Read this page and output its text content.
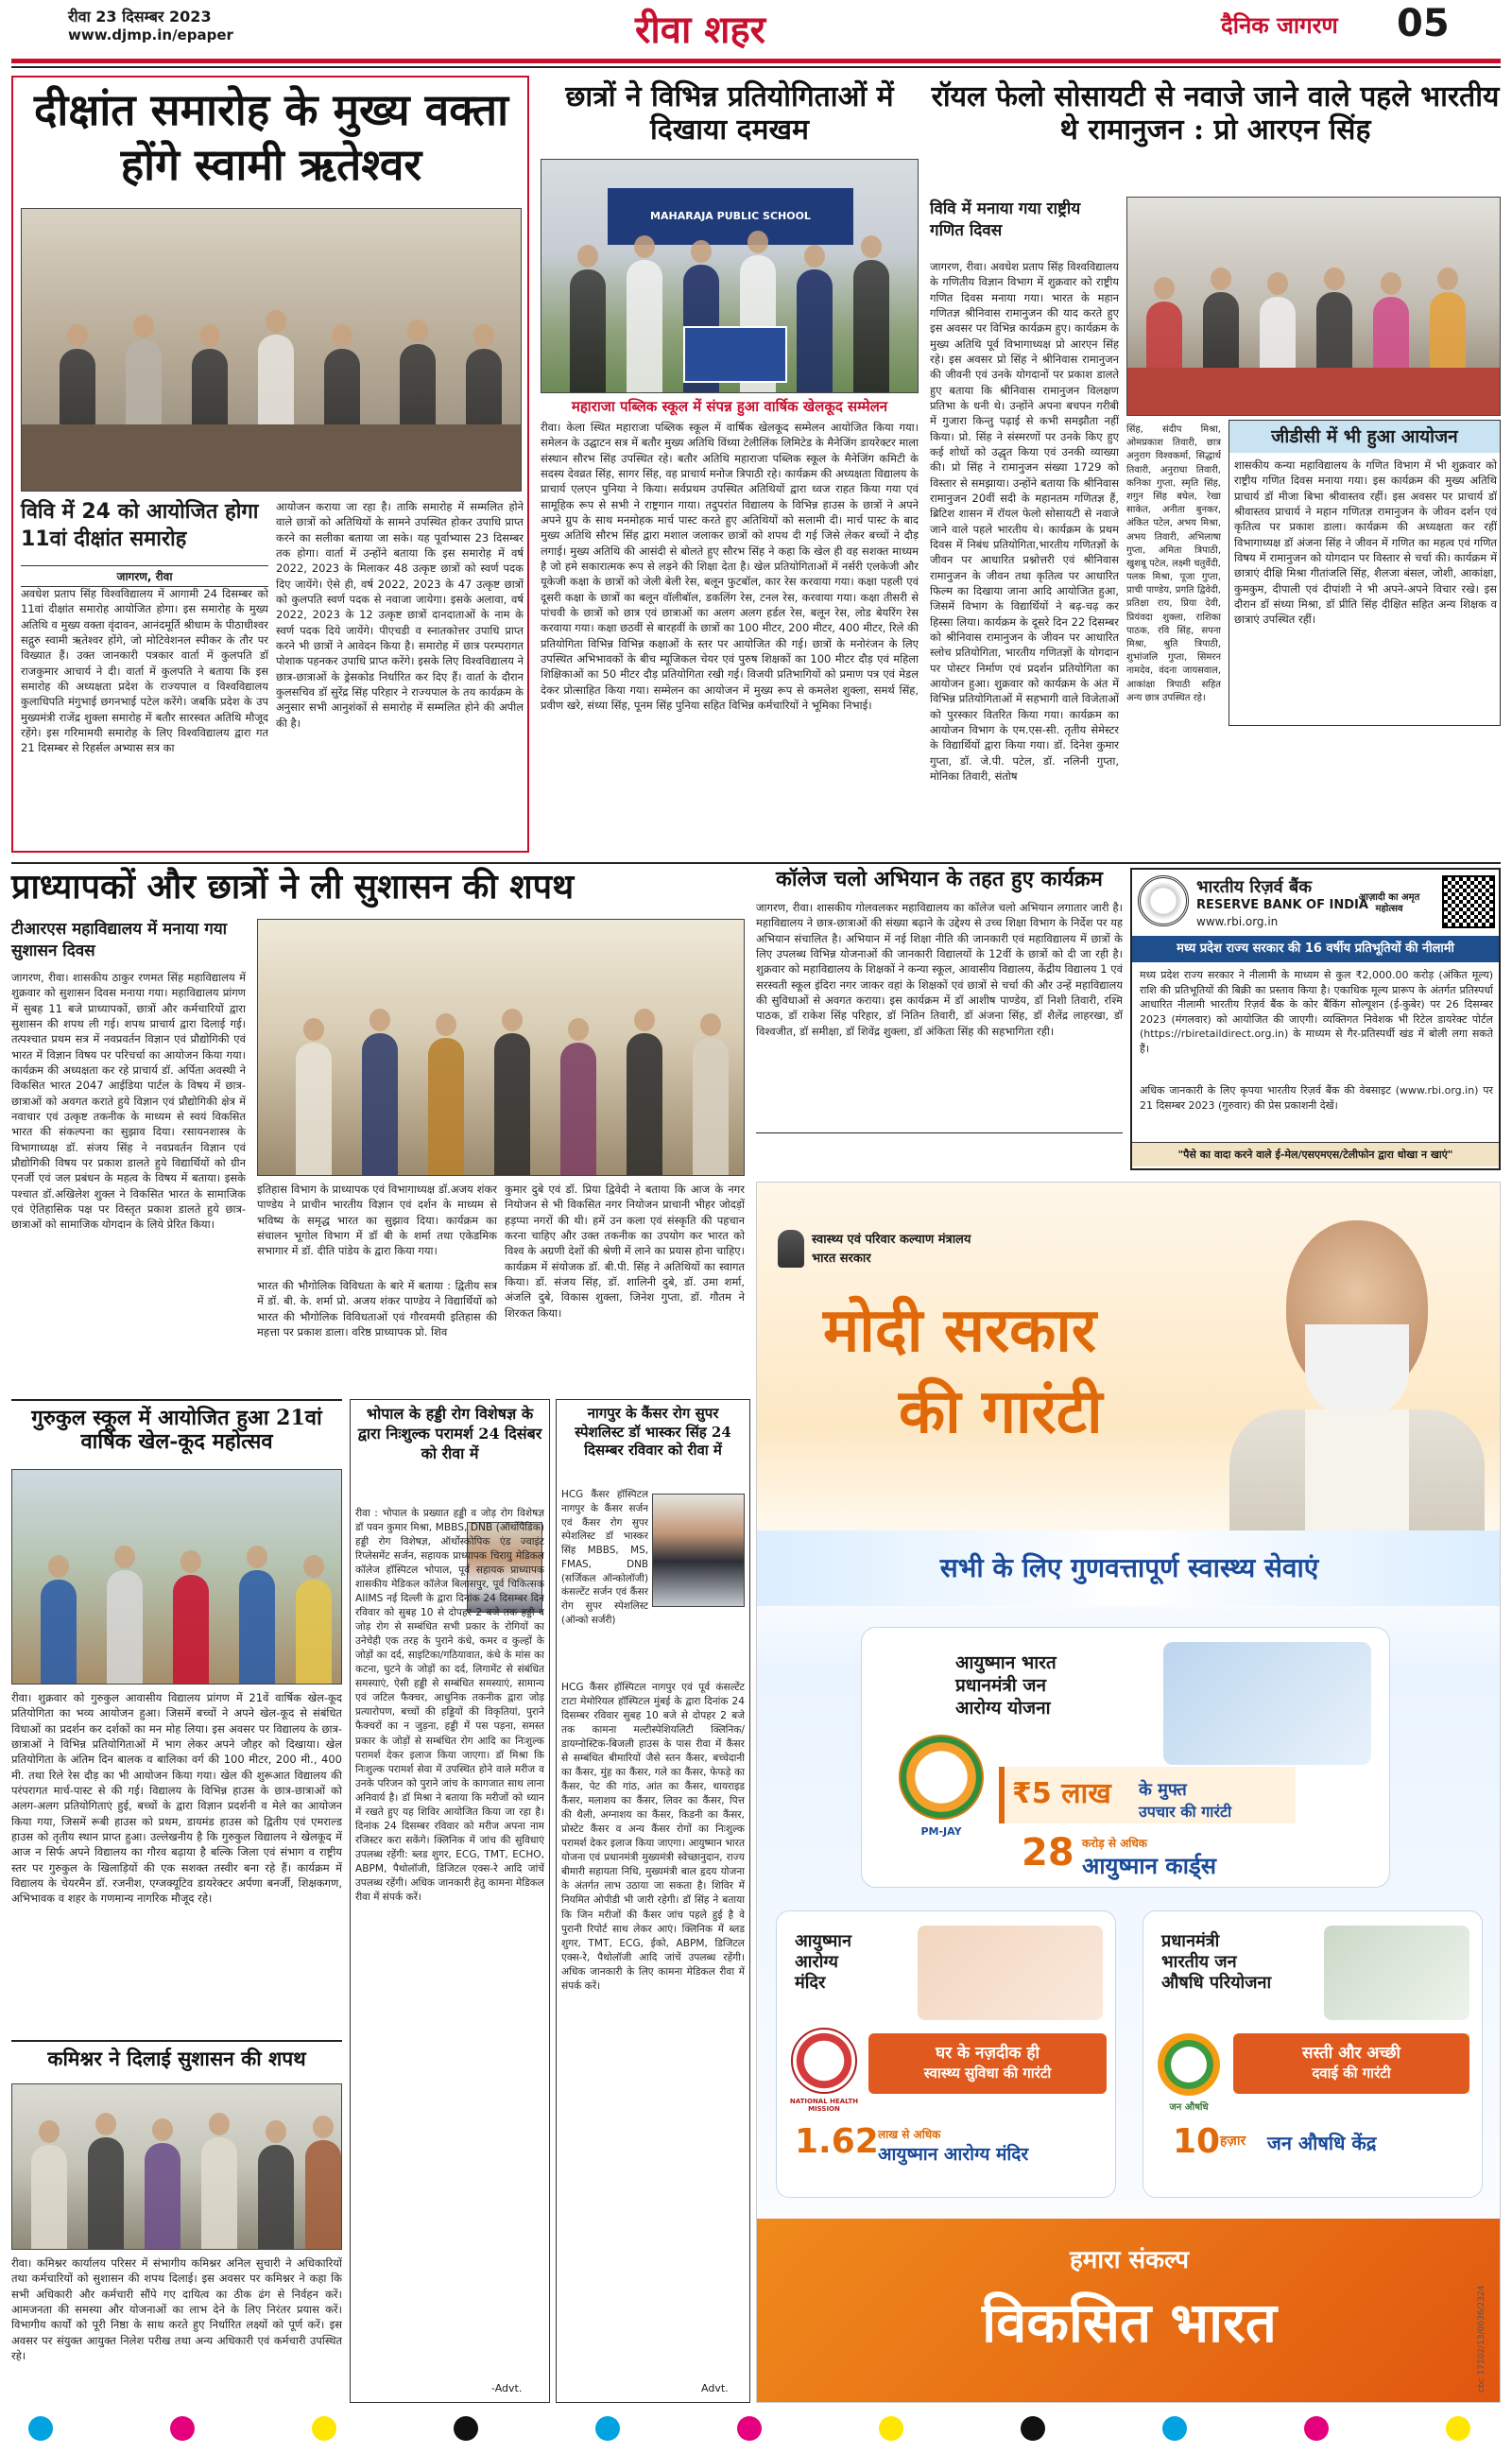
रीवा 23 दिसम्बर 2023
www.djmp.in/epaper	रीवा शहर	दैनिक जागरण 05
दीक्षांत समारोह के मुख्य वक्ता होंगे स्वामी ऋतेश्वर
विवि में 24 को आयोजित होगा 11वां दीक्षांत समारोह
जागरण, रीवा
अवधेश प्रताप सिंह विश्वविद्यालय में आगामी 24 दिसम्बर को 11वां दीक्षांत समारोह आयोजित होगा। इस समारोह के मुख्य अतिथि व मुख्य वक्ता वृंदावन, आनंदमूर्ति श्रीधाम के पीठाधीश्वर सद्गुरु स्वामी ऋतेश्वर होंगे, जो मोटिवेशनल स्पीकर के तौर पर विख्यात हैं। उक्त जानकारी पत्रकार वार्ता में कुलपति डॉ राजकुमार आचार्य ने दी। वार्ता में कुलपति ने बताया कि इस समारोह की अध्यक्षता प्रदेश के राज्यपाल व विश्वविद्यालय कुलाधिपति मंगुभाई छगनभाई पटेल करेंगे। जबकि प्रदेश के उप मुख्यमंत्री राजेंद्र शुक्ला समारोह में बतौर सारस्वत अतिथि मौजूद रहेंगे। इस गरिमामयी समारोह के लिए विश्वविद्यालय द्वारा गत 21 दिसम्बर से रिहर्सल अभ्यास सत्र का
आयोजन कराया जा रहा है। ताकि समारोह में सम्मलित होने वाले छात्रों को अतिथियों के सामने उपस्थित होकर उपाधि प्राप्त करने का सलीका बताया जा सके। यह पूर्वाभ्यास 23 दिसम्बर तक होगा। वार्ता में उन्होंने बताया कि इस समारोह में वर्ष 2022, 2023 के मिलाकर 48 उत्कृष्ट छात्रों को स्वर्ण पदक दिए जायेंगे। ऐसे ही, वर्ष 2022, 2023 के 47 उत्कृष्ट छात्रों को कुलपति स्वर्ण पदक से नवाजा जायेगा। इसके अलावा, वर्ष 2022, 2023 के 12 उत्कृष्ट छात्रों दानदाताओं के नाम के स्वर्ण पदक दिये जायेंगे। पीएचडी व स्नातकोत्तर उपाधि प्राप्त करने भी छात्रों ने आवेदन किया है। समारोह में छात्र परम्परागत पोशाक पहनकर उपाधि प्राप्त करेंगे। इसके लिए विश्वविद्यालय ने छात्र-छात्राओं के ड्रेसकोड निर्धारित कर दिए हैं। वार्ता के दौरान कुलसचिव डॉ सुरेंद्र सिंह परिहार ने राज्यपाल के तय कार्यक्रम के अनुसार सभी आनुशंकों से समारोह में सम्मलित होने की अपील की है।
छात्रों ने विभिन्न प्रतियोगिताओं में दिखाया दमखम
MAHARAJA PUBLIC SCHOOL
महाराजा पब्लिक स्कूल में संपन्न हुआ वार्षिक खेलकूद सम्मेलन
रीवा। केला स्थित महाराजा पब्लिक स्कूल में वार्षिक खेलकूद सम्मेलन आयोजित किया गया। समेलन के उद्घाटन सत्र में बतौर मुख्य अतिथि विंध्या टेलीलिंक लिमिटेड के मैनेजिंग डायरेक्टर माला संस्थान सौरभ सिंह उपस्थित रहे। बतौर अतिथि महाराजा पब्लिक स्कूल के मैनेजिंग कमिटी के सदस्य देवव्रत सिंह, सागर सिंह, वह प्राचार्य मनोज त्रिपाठी रहे। कार्यक्रम की अध्यक्षता विद्यालय के प्राचार्य एलएन पुनिया ने किया। सर्वप्रथम उपस्थित अतिथियों द्वारा ध्वज राहत किया गया एवं सामूहिक रूप से सभी ने राष्ट्रगान गाया। तदुपरांत विद्यालय के विभिन्न हाउस के छात्रों ने अपने अपने ग्रुप के साथ मनमोहक मार्च पास्ट करते हुए अतिथियों को सलामी दी। मार्च पास्ट के बाद मुख्य अतिथि सौरभ सिंह द्वारा मशाल जलाकर छात्रों को शपथ दी गई जिसे लेकर बच्चों ने दौड़ लगाई। मुख्य अतिथि की आसंदी से बोलते हुए सौरभ सिंह ने कहा कि खेल ही वह सशक्त माध्यम है जो हमे सकारात्मक रूप से लड़ने की शिक्षा देता है। खेल प्रतियोगिताओं में नर्सरी एलकेजी और यूकेजी कक्षा के छात्रों को जेली बेली रेस, बलून फुटबॉल, कार रेस करवाया गया। कक्षा पहली एवं दूसरी कक्षा के छात्रों का बलून वॉलीबॉल, डकलिंग रेस, टनल रेस, करवाया गया। कक्षा तीसरी से पांचवी के छात्रों को छात्र एवं छात्राओं का अलग अलग हर्डल रेस, बलून रेस, लोड बेयरिंग रेस करवाया गया। कक्षा छठवीं से बारहवीं के छात्रों का 100 मीटर, 200 मीटर, 400 मीटर, रिले की प्रतियोगिता विभिन्न विभिन्न कक्षाओं के स्तर पर आयोजित की गई। छात्रों के मनोरंजन के लिए उपस्थित अभिभावकों के बीच म्यूजिकल चेयर एवं पुरुष शिक्षकों का 100 मीटर दौड़ एवं महिला शिक्षिकाओं का 50 मीटर दौड़ प्रतियोगिता रखी गई। विजयी प्रतिभागियों को प्रमाण पत्र एवं मेडल देकर प्रोत्साहित किया गया। सम्मेलन का आयोजन में मुख्य रूप से कमलेश शुक्ला, समर्थ सिंह, प्रवीण खरे, संध्या सिंह, पूनम सिंह पुनिया सहित विभिन्न कर्मचारियों ने भूमिका निभाई।
रॉयल फेलो सोसायटी से नवाजे जाने वाले पहले भारतीय थे रामानुजन : प्रो आरएन सिंह
विवि में मनाया गया राष्ट्रीय गणित दिवस
जागरण, रीवा। अवधेश प्रताप सिंह विश्वविद्यालय के गणितीय विज्ञान विभाग में शुक्रवार को राष्ट्रीय गणित दिवस मनाया गया। भारत के महान गणितज्ञ श्रीनिवास रामानुजन की याद करते हुए इस अवसर पर विभिन्न कार्यक्रम हुए। कार्यक्रम के मुख्य अतिथि पूर्व विभागाध्यक्ष प्रो आरएन सिंह रहे। इस अवसर प्रो सिंह ने श्रीनिवास रामानुजन की जीवनी एवं उनके योगदानों पर प्रकाश डालते हुए बताया कि श्रीनिवास रामानुजन विलक्षण प्रतिभा के धनी थे। उन्होंने अपना बचपन गरीबी में गुजारा किन्तु पढ़ाई से कभी समझौता नहीं किया। प्रो. सिंह ने संस्मरणों पर उनके किए हुए कई शोधों को उद्धृत किया एवं उनकी व्याख्या की। प्रो सिंह ने रामानुजन संख्या 1729 को विस्तार से समझाया। उन्होंने बताया कि श्रीनिवास रामानुजन 20वीं सदी के महानतम गणितज्ञ हैं, ब्रिटिश शासन में रॉयल फेलो सोसायटी से नवाजे जाने वाले पहले भारतीय थे। कार्यक्रम के प्रथम दिवस में निबंध प्रतियोगिता,भारतीय गणितज्ञों के जीवन पर आधारित प्रश्नोत्तरी एवं श्रीनिवास रामानुजन के जीवन तथा कृतित्व पर आधारित फिल्म का दिखाया जाना आदि आयोजित हुआ, जिसमें विभाग के विद्यार्थियों ने बढ़-चढ़ कर हिस्सा लिया। कार्यक्रम के दूसरे दिन 22 दिसम्बर को श्रीनिवास रामानुजन के जीवन पर आधारित स्लोच प्रतियोगिता, भारतीय गणितज्ञों के योगदान पर पोस्टर निर्माण एवं प्रदर्शन प्रतियोगिता का आयोजन हुआ। शुक्रवार को कार्यक्रम के अंत में विभिन्न प्रतियोगिताओं में सहभागी वाले विजेताओं को पुरस्कार वितरित किया गया। कार्यक्रम का आयोजन विभाग के एम.एस-सी. तृतीय सेमेस्टर के विद्यार्थियों द्वारा किया गया। डॉ. दिनेश कुमार गुप्ता, डॉ. जे.पी. पटेल, डॉ. नलिनी गुप्ता, मोनिका तिवारी, संतोष
जीडीसी में भी हुआ आयोजन
शासकीय कन्या महाविद्यालय के गणित विभाग में भी शुक्रवार को राष्ट्रीय गणित दिवस मनाया गया। इस कार्यक्रम की मुख्य अतिथि प्राचार्य डॉ मीजा बिभा श्रीवास्तव रहीं। इस अवसर पर प्राचार्य डॉ श्रीवास्तव प्राचार्य ने महान गणितज्ञ रामानुजन के जीवन दर्शन एवं कृतित्व पर प्रकाश डाला। कार्यक्रम की अध्यक्षता कर रहीं विभागाध्यक्ष डॉ अंजना सिंह ने जीवन में गणित का महत्व एवं गणित विषय में रामानुजन को योगदान पर विस्तार से चर्चा की। कार्यक्रम में छात्राएं दीक्षि मिश्रा गीतांजलि सिंह, शैलजा बंसल, जोशी, आकांक्षा, कुमकुम, दीपाली एवं दीपांशी ने भी अपने-अपने विचार रखे। इस दौरान डॉ संध्या मिश्रा, डॉ प्रीति सिंह दीक्षित सहित अन्य शिक्षक व छात्राएं उपस्थित रहीं।
सिंह, संदीप मिश्रा, ओमप्रकाश तिवारी, छात्र अनुराग विश्वकर्मा, सिद्धार्थ तिवारी, अनुराधा तिवारी, कनिका गुप्ता, स्मृति सिंह, शगुन सिंह बघेल, रेखा साकेत, अनीता बुनकर, अंकित पटेल, अभय मिश्रा, अभय तिवारी, अभिलाषा गुप्ता, अमिता त्रिपाठी, खुशबू पटेल, लक्ष्मी चतुर्वेदी, पलक मिश्रा, पूजा गुप्ता, प्राची पाण्डेय, प्रगति द्विवेदी, प्रतिक्षा राय, प्रिया देवी, प्रियंवदा शुक्ला, राशिका पाठक, रवि सिंह, सपना मिश्रा, श्रुति त्रिपाठी, शुभांजलि गुप्ता, सिमरन नामदेव, वंदना जायसवाल, आकांक्षा त्रिपाठी सहित अन्य छात्र उपस्थित रहे।
प्राध्यापकों और छात्रों ने ली सुशासन की शपथ
टीआरएस महाविद्यालय में मनाया गया सुशासन दिवस
जागरण, रीवा। शासकीय ठाकुर रणमत सिंह महाविद्यालय में शुक्रवार को सुशासन दिवस मनाया गया। महाविद्यालय प्रांगण में सुबह 11 बजे प्राध्यापकों, छात्रों और कर्मचारियों द्वारा सुशासन की शपथ ली गई। शपथ प्राचार्य द्वारा दिलाई गई। तत्पश्चात प्रथम सत्र में नवप्रवर्तन विज्ञान एवं प्रौद्योगिकी एवं भारत में विज्ञान विषय पर परिचर्चा का आयोजन किया गया। कार्यक्रम की अध्यक्षता कर रहे प्राचार्य डॉ. अर्पिता अवस्थी ने विकसित भारत 2047 आईडिया पार्टल के विषय में छात्र-छात्राओं को अवगत कराते हुये विज्ञान एवं प्रौद्योगिकी क्षेत्र में नवाचार एवं उत्कृष्ट तकनीक के माध्यम से स्वयं विकसित भारत की संकल्पना का सुझाव दिया। रसायनशास्त्र के विभागाध्यक्ष डॉ. संजय सिंह ने नवप्रवर्तन विज्ञान एवं प्रौद्योगिकी विषय पर प्रकाश डालते हुये विद्यार्थियों को ग्रीन एनर्जी एवं जल प्रबंधन के महत्व के विषय में बताया। इसके पश्चात डॉ.अखिलेश शुक्ल ने विकसित भारत के सामाजिक एवं ऐतिहासिक पक्ष पर विस्तृत प्रकाश डालते हुये छात्र-छात्राओं को सामाजिक योगदान के लिये प्रेरित किया।
इतिहास विभाग के प्राध्यापक एवं विभागाध्यक्ष डॉ.अजय शंकर पाण्डेय ने प्राचीन भारतीय विज्ञान एवं दर्शन के माध्यम से भविष्य के समृद्ध भारत का सुझाव दिया। कार्यक्रम का संचालन भूगोल विभाग में डॉ बी के शर्मा तथा एकेडमिक सभागार में डॉ. दीति पांडेय के द्वारा किया गया।
भारत की भौगोलिक विविधता के बारे में बताया : द्वितीय सत्र में डॉ. बी. के. शर्मा प्रो. अजय शंकर पाण्डेय ने विद्यार्थियों को भारत की भौगोलिक विविधताओं एवं गौरवमयी इतिहास की महत्ता पर प्रकाश डाला। वरिष्ठ प्राध्यापक प्रो. शिव
कुमार दुबे एवं डॉ. प्रिया द्विवेदी ने बताया कि आज के नगर नियोजन से भी विकसित नगर नियोजन प्राचानी भीहर जोदड़ों हड़प्पा नगरों की थी। हमें उन कला एवं संस्कृति की पहचान करना चाहिए और उक्त तकनीक का उपयोग कर भारत को विश्व के अग्रणी देशों की श्रेणी में लाने का प्रयास होना चाहिए। कार्यक्रम में संयोजक डॉ. बी.पी. सिंह ने अतिथियों का स्वागत किया। डॉ. संजय सिंह, डॉ. शालिनी दुबे, डॉ. उमा शर्मा, अंजलि दुबे, विकास शुक्ला, जिनेश गुप्ता, डॉ. गौतम ने शिरकत किया।
कॉलेज चलो अभियान के तहत हुए कार्यक्रम
जागरण, रीवा। शासकीय गोलवलकर महाविद्यालय का कॉलेज चलो अभियान लगातार जारी है। महाविद्यालय ने छात्र-छात्राओं की संख्या बढ़ाने के उद्देश्य से उच्च शिक्षा विभाग के निर्देश पर यह अभियान संचालित है। अभियान में नई शिक्षा नीति की जानकारी एवं महाविद्यालय में छात्रों के लिए उपलब्ध विभिन्न योजनाओं की जानकारी विद्यालयों के 12वीं के छात्रों को दी जा रही है। शुक्रवार को महाविद्यालय के शिक्षकों ने कन्या स्कूल, आवासीय विद्यालय, केंद्रीय विद्यालय 1 एवं सरस्वती स्कूल इंदिरा नगर जाकर वहां के शिक्षकों एवं छात्रों से चर्चा की और उन्हें महाविद्यालय की सुविधाओं से अवगत कराया। इस कार्यक्रम में डॉ आशीष पाण्डेय, डॉ निशी तिवारी, रश्मि पाठक, डॉ राकेश सिंह परिहार, डॉ नितिन तिवारी, डॉ अंजना सिंह, डॉ शैलेंद्र लाहरखा, डॉ विश्वजीत, डॉ समीक्षा, डॉ शिवेंद्र शुक्ला, डॉ अंकिता सिंह की सहभागिता रही।
भारतीय रिज़र्व बैंक
RESERVE BANK OF INDIA
www.rbi.org.in
आज़ादी का अमृत महोत्सव
मध्य प्रदेश राज्य सरकार की 16 वर्षीय प्रतिभूतियों की नीलामी
मध्य प्रदेश राज्य सरकार ने नीलामी के माध्यम से कुल ₹2,000.00 करोड़ (अंकित मूल्य) राशि की प्रतिभूतियों की बिक्री का प्रस्ताव किया है। एकाधिक मूल्य प्रारूप के अंतर्गत प्रतिस्पर्धा आधारित नीलामी भारतीय रिज़र्व बैंक के कोर बैंकिंग सोल्यूशन (ई-कुबेर) पर 26 दिसम्बर 2023 (मंगलवार) को आयोजित की जाएगी। व्यक्तिगत निवेशक भी रिटेल डायरेक्ट पोर्टल (https://rbiretaildirect.org.in) के माध्यम से गैर-प्रतिस्पर्धी खंड में बोली लगा सकते हैं।
अधिक जानकारी के लिए कृपया भारतीय रिज़र्व बैंक की वेबसाइट (www.rbi.org.in) पर 21 दिसम्बर 2023 (गुरुवार) की प्रेस प्रकाशनी देखें।
"पैसे का वादा करने वाले ई-मेल/एसएमएस/टेलीफोन द्वारा धोखा न खाएं"
स्वास्थ्य एवं परिवार कल्याण मंत्रालय
भारत सरकार
मोदी सरकार
की गारंटी
सभी के लिए गुणवत्तापूर्ण स्वास्थ्य सेवाएं
आयुष्मान भारत
प्रधानमंत्री जन
आरोग्य योजना
PM-JAY
₹5 लाख के मुफ्त
उपचार की गारंटी
28 करोड़ से अधिक
आयुष्मान कार्ड्स
आयुष्मान
आरोग्य
मंदिर
NATIONAL HEALTH MISSION
घर के नज़दीक ही
स्वास्थ्य सुविधा की गारंटी
1.62 लाख से अधिक
आयुष्मान आरोग्य मंदिर
प्रधानमंत्री
भारतीय जन
औषधि परियोजना
जन औषधि
सस्ती और अच्छी
दवाई की गारंटी
10 हज़ार जन औषधि केंद्र
हमारा संकल्प
विकसित भारत	cbc 17102/13/0036/2324
गुरुकुल स्कूल में आयोजित हुआ 21वां वार्षिक खेल-कूद महोत्सव
रीवा। शुक्रवार को गुरुकुल आवासीय विद्यालय प्रांगण में 21वें वार्षिक खेल-कूद प्रतियोगिता का भव्य आयोजन हुआ। जिसमें बच्चों ने अपने खेल-कूद से संबंधित विधाओं का प्रदर्शन कर दर्शकों का मन मोह लिया। इस अवसर पर विद्यालय के छात्र-छात्राओं ने विभिन्न प्रतियोगिताओं में भाग लेकर अपने जौहर को दिखाया। खेल प्रतियोगिता के अंतिम दिन बालक व बालिका वर्ग की 100 मीटर, 200 मी., 400 मी. तथा रिले रेस दौड़ का भी आयोजन किया गया। खेल की शुरूआत विद्यालय की परंपरागत मार्च-पास्ट से की गई। विद्यालय के विभिन्न हाउस के छात्र-छात्राओं को अलग-अलग प्रतियोगिताएं हुई, बच्चों के द्वारा विज्ञान प्रदर्शनी व मेले का आयोजन किया गया, जिसमें रूबी हाउस को प्रथम, डायमंड हाउस को द्वितीय एवं एमराल्ड हाउस को तृतीय स्थान प्राप्त हुआ। उल्लेखनीय है कि गुरुकुल विद्यालय ने खेलकूद में आज न सिर्फ अपने विद्यालय का गौरव बढ़ाया है बल्कि जिला एवं संभाग व राष्ट्रीय स्तर पर गुरुकुल के खिलाड़ियों की एक सशक्त तस्वीर बना रहे हैं। कार्यक्रम में विद्यालय के चेयरमैन डॉ. रजनीश, एग्जक्यूटिव डायरेक्टर अर्पणा बनर्जी, शिक्षकगण, अभिभावक व शहर के गणमान्य नागरिक मौजूद रहे।
कमिश्नर ने दिलाई सुशासन की शपथ
रीवा। कमिश्नर कार्यालय परिसर में संभागीय कमिश्नर अनिल सुचारी ने अधिकारियों तथा कर्मचारियों को सुशासन की शपथ दिलाई। इस अवसर पर कमिश्नर ने कहा कि सभी अधिकारी और कर्मचारी सौंपे गए दायित्व का ठीक ढंग से निर्वहन करें। आमजनता की समस्या और योजनाओं का लाभ देने के लिए निरंतर प्रयास करें। विभागीय कार्यों को पूरी निष्ठा के साथ करते हुए निर्धारित लक्ष्यों को पूर्ण करें। इस अवसर पर संयुक्त आयुक्त निलेश परीख तथा अन्य अधिकारी एवं कर्मचारी उपस्थित रहे।
भोपाल के हड्डी रोग विशेषज्ञ के द्वारा निःशुल्क परामर्श 24 दिसंबर को रीवा में
रीवा : भोपाल के प्रख्यात हड्डी व जोड़ रोग विशेषज्ञ डॉ पवन कुमार मिश्रा, MBBS, DNB (ऑर्थोपैडिक) हड्डी रोग विशेषज्ञ, ऑर्थोस्कोपिक एंड ज्वाइंट रिप्लेसमेंट सर्जन, सहायक प्राध्यापक चिरायु मेडिकल कॉलेज हॉस्पिटल भोपाल, पूर्व सहायक प्राध्यापक शासकीय मेडिकल कॉलेज बिलासपुर, पूर्व चिकित्सक AIIMS नई दिल्ली के द्वारा दिनांक 24 दिसम्बर दिन रविवार को सुबह 10 से दोपहर 2 बजे तक हड्डी व जोड़ रोग से सम्बंधित सभी प्रकार के रोगियों का उनेचेही एक तरह के पुराने कंधे, कमर व कुल्हों के जोड़ों का दर्द, साइटिका/गठियावात, कंधे के मांस का कटना, घुटने के जोड़ों का दर्द, लिगामेंट से संबंधित समस्याएं, ऐसी हड्डी से सम्बंधित समस्याएं, सामान्य एवं जटिल फैक्चर, आधुनिक तकनीक द्वारा जोड़ प्रत्यारोपण, बच्चों की हड्डियों की विकृतियां, पुराने फैक्चरों का न जुड़ना, हड्डी में पस पड़ना, समस्त प्रकार के जोड़ों से सम्बंधित रोग आदि का निःशुल्क परामर्श देकर इलाज किया जाएगा। डॉ मिश्रा कि निःशुल्क परामर्श सेवा में उपस्थित होने वाले मरीज व उनके परिजन को पुराने जांच के कागजात साथ लाना अनिवार्य है। डॉ मिश्रा ने बताया कि मरीजों को ध्यान में रखते हुए यह शिविर आयोजित किया जा रहा है। दिनांक 24 दिसम्बर रविवार को मरीज अपना नाम रजिस्टर करा सकेंगे। क्लिनिक में जांच की सुविधाएं उपलब्ध रहेंगी: ब्लड शुगर, ECG, TMT, ECHO, ABPM, पैथोलॉजी, डिजिटल एक्स-रे आदि जांचें उपलब्ध रहेंगी। अधिक जानकारी हेतु कामना मेडिकल रीवा में संपर्क करें।
-Advt.
नागपुर के कैंसर रोग सुपर स्पेशलिस्ट डॉ भास्कर सिंह 24 दिसम्बर रविवार को रीवा में
HCG कैंसर हॉस्पिटल नागपुर के कैंसर सर्जन एवं कैंसर रोग सुपर स्पेशलिस्ट डॉ भास्कर सिंह MBBS, MS, FMAS, DNB (सर्जिकल ऑन्कोलॉजी) कंसल्टेंट सर्जन एवं कैंसर रोग सुपर स्पेशलिस्ट (ऑन्को सर्जरी)
HCG कैंसर हॉस्पिटल नागपुर एवं पूर्व कंसल्टेंट टाटा मेमोरियल हॉस्पिटल मुंबई के द्वारा दिनांक 24 दिसम्बर रविवार सुबह 10 बजे से दोपहर 2 बजे तक कामना मल्टीस्पेशियलिटी क्लिनिक/डायग्नोस्टिक-बिजली हाउस के पास रीवा में कैंसर से सम्बंधित बीमारियों जैसे स्तन कैंसर, बच्चेदानी का कैंसर, मुंह का कैंसर, गले का कैंसर, फेफड़े का कैंसर, पेट की गांठ, आंत का कैंसर, थायराइड कैंसर, मलाशय का कैंसर, लिवर का कैंसर, पित्त की थैली, अग्नाशय का कैंसर, किडनी का कैंसर, प्रोस्टेट कैंसर व अन्य कैंसर रोगों का निःशुल्क परामर्श देकर इलाज किया जाएगा। आयुष्मान भारत योजना एवं प्रधानमंत्री मुख्यमंत्री स्वेच्छानुदान, राज्य बीमारी सहायता निधि, मुख्यमंत्री बाल हृदय योजना के अंतर्गत लाभ उठाया जा सकता है। शिविर में नियमित ओपीडी भी जारी रहेगी। डॉ सिंह ने बताया कि जिन मरीजों की कैंसर जांच पहले हुई है वे पुरानी रिपोर्ट साथ लेकर आएं। क्लिनिक में ब्लड शुगर, TMT, ECG, ईको, ABPM, डिजिटल एक्स-रे, पैथोलॉजी आदि जांचें उपलब्ध रहेंगी। अधिक जानकारी के लिए कामना मेडिकल रीवा में संपर्क करें।
Advt.
